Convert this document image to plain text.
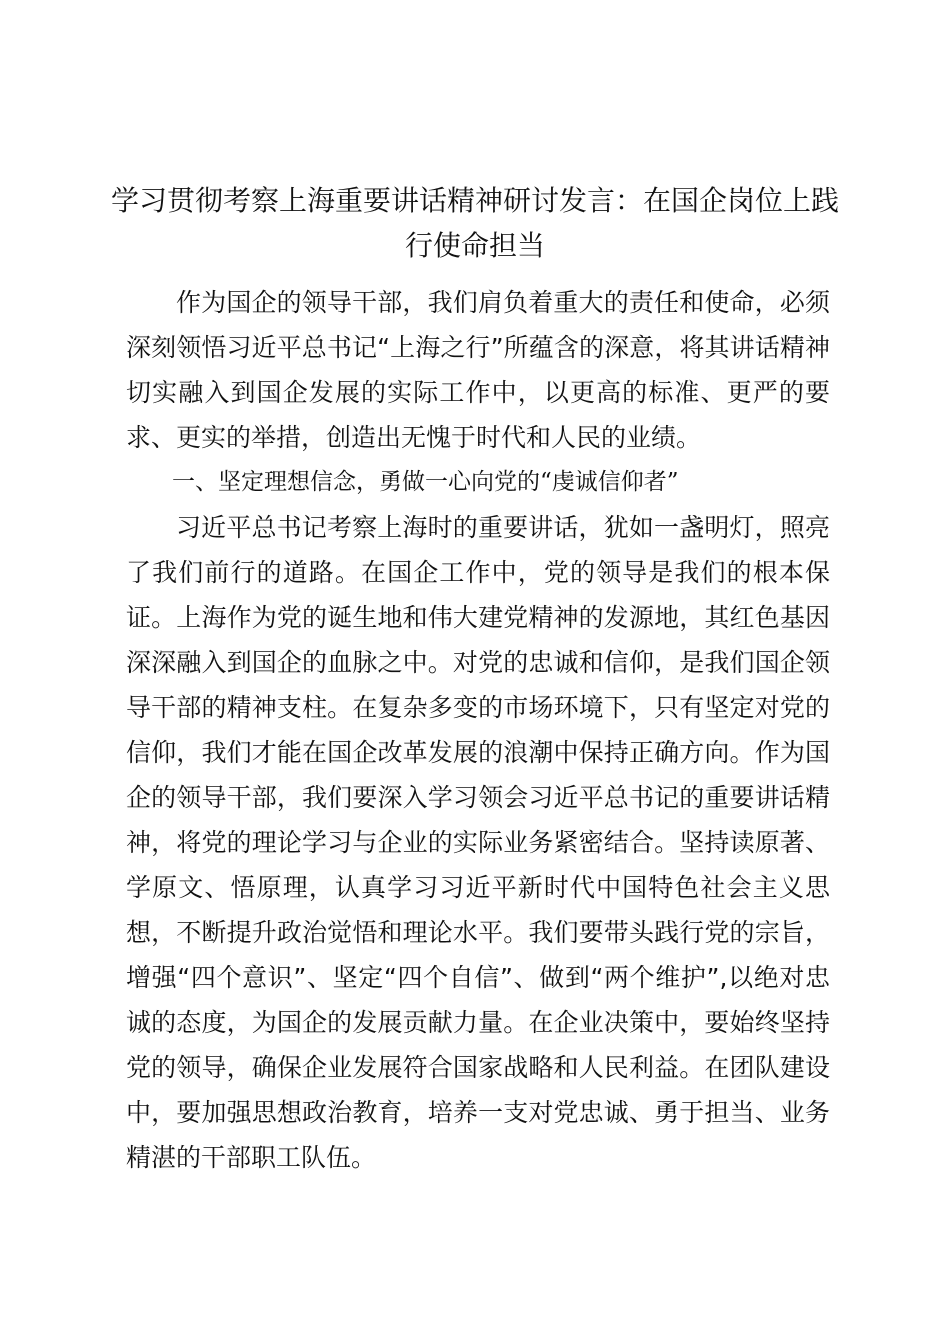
学习贯彻考察上海重要讲话精神研讨发言：在国企岗位上践行使命担当

作为国企的领导干部，我们肩负着重大的责任和使命，必须深刻领悟习近平总书记“上海之行”所蕴含的深意，将其讲话精神切实融入到国企发展的实际工作中，以更高的标准、更严的要求、更实的举措，创造出无愧于时代和人民的业绩。

一、坚定理想信念，勇做一心向党的“虔诚信仰者”

习近平总书记考察上海时的重要讲话，犹如一盏明灯，照亮了我们前行的道路。在国企工作中，党的领导是我们的根本保证。上海作为党的诞生地和伟大建党精神的发源地，其红色基因深深融入到国企的血脉之中。对党的忠诚和信仰，是我们国企领导干部的精神支柱。在复杂多变的市场环境下，只有坚定对党的信仰，我们才能在国企改革发展的浪潮中保持正确方向。作为国企的领导干部，我们要深入学习领会习近平总书记的重要讲话精神，将党的理论学习与企业的实际业务紧密结合。坚持读原著、学原文、悟原理，认真学习习近平新时代中国特色社会主义思想，不断提升政治觉悟和理论水平。我们要带头践行党的宗旨，增强“四个意识”、坚定“四个自信”、做到“两个维护”,以绝对忠诚的态度，为国企的发展贡献力量。在企业决策中，要始终坚持党的领导，确保企业发展符合国家战略和人民利益。在团队建设中，要加强思想政治教育，培养一支对党忠诚、勇于担当、业务精湛的干部职工队伍。
